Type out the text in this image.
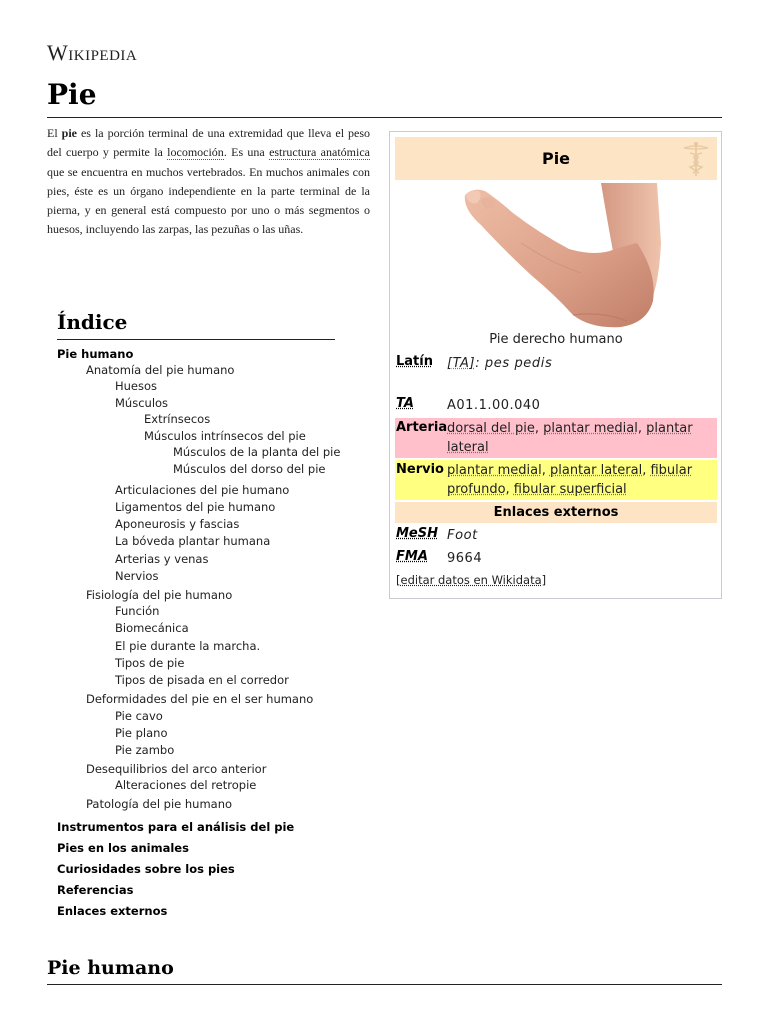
Wikipedia
Pie

El pie es la porción terminal de una extremidad que lleva el peso del cuerpo y permite la locomoción. Es una estructura anatómica que se encuentra en muchos vertebrados. En muchos animales con pies, éste es un órgano independiente en la parte terminal de la pierna, y en general está compuesto por uno o más segmentos o huesos, incluyendo las zarpas, las pezuñas o las uñas.

Pie
Pie derecho humano
Latín [TA]: pes pedis
TA	A01.1.00.040
Arteria dorsal del pie, plantar medial, plantar lateral
Nervio plantar medial, plantar lateral, fibular profundo, fibular superficial
Enlaces externos
MeSH Foot
FMA 9664
[editar datos en Wikidata]
Índice
Pie humano
Anatomía del pie humano
Huesos
Músculos
Extrínsecos
Músculos intrínsecos del pie
Músculos de la planta del pie
Músculos del dorso del pie
Articulaciones del pie humano
Ligamentos del pie humano
Aponeurosis y fascias
La bóveda plantar humana
Arterias y venas
Nervios
Fisiología del pie humano
Función
Biomecánica
El pie durante la marcha.
Tipos de pie
Tipos de pisada en el corredor
Deformidades del pie en el ser humano
Pie cavo
Pie plano
Pie zambo
Desequilibrios del arco anterior
Alteraciones del retropie
Patología del pie humano
Instrumentos para el análisis del pie
Pies en los animales
Curiosidades sobre los pies
Referencias
Enlaces externos
Pie humano
